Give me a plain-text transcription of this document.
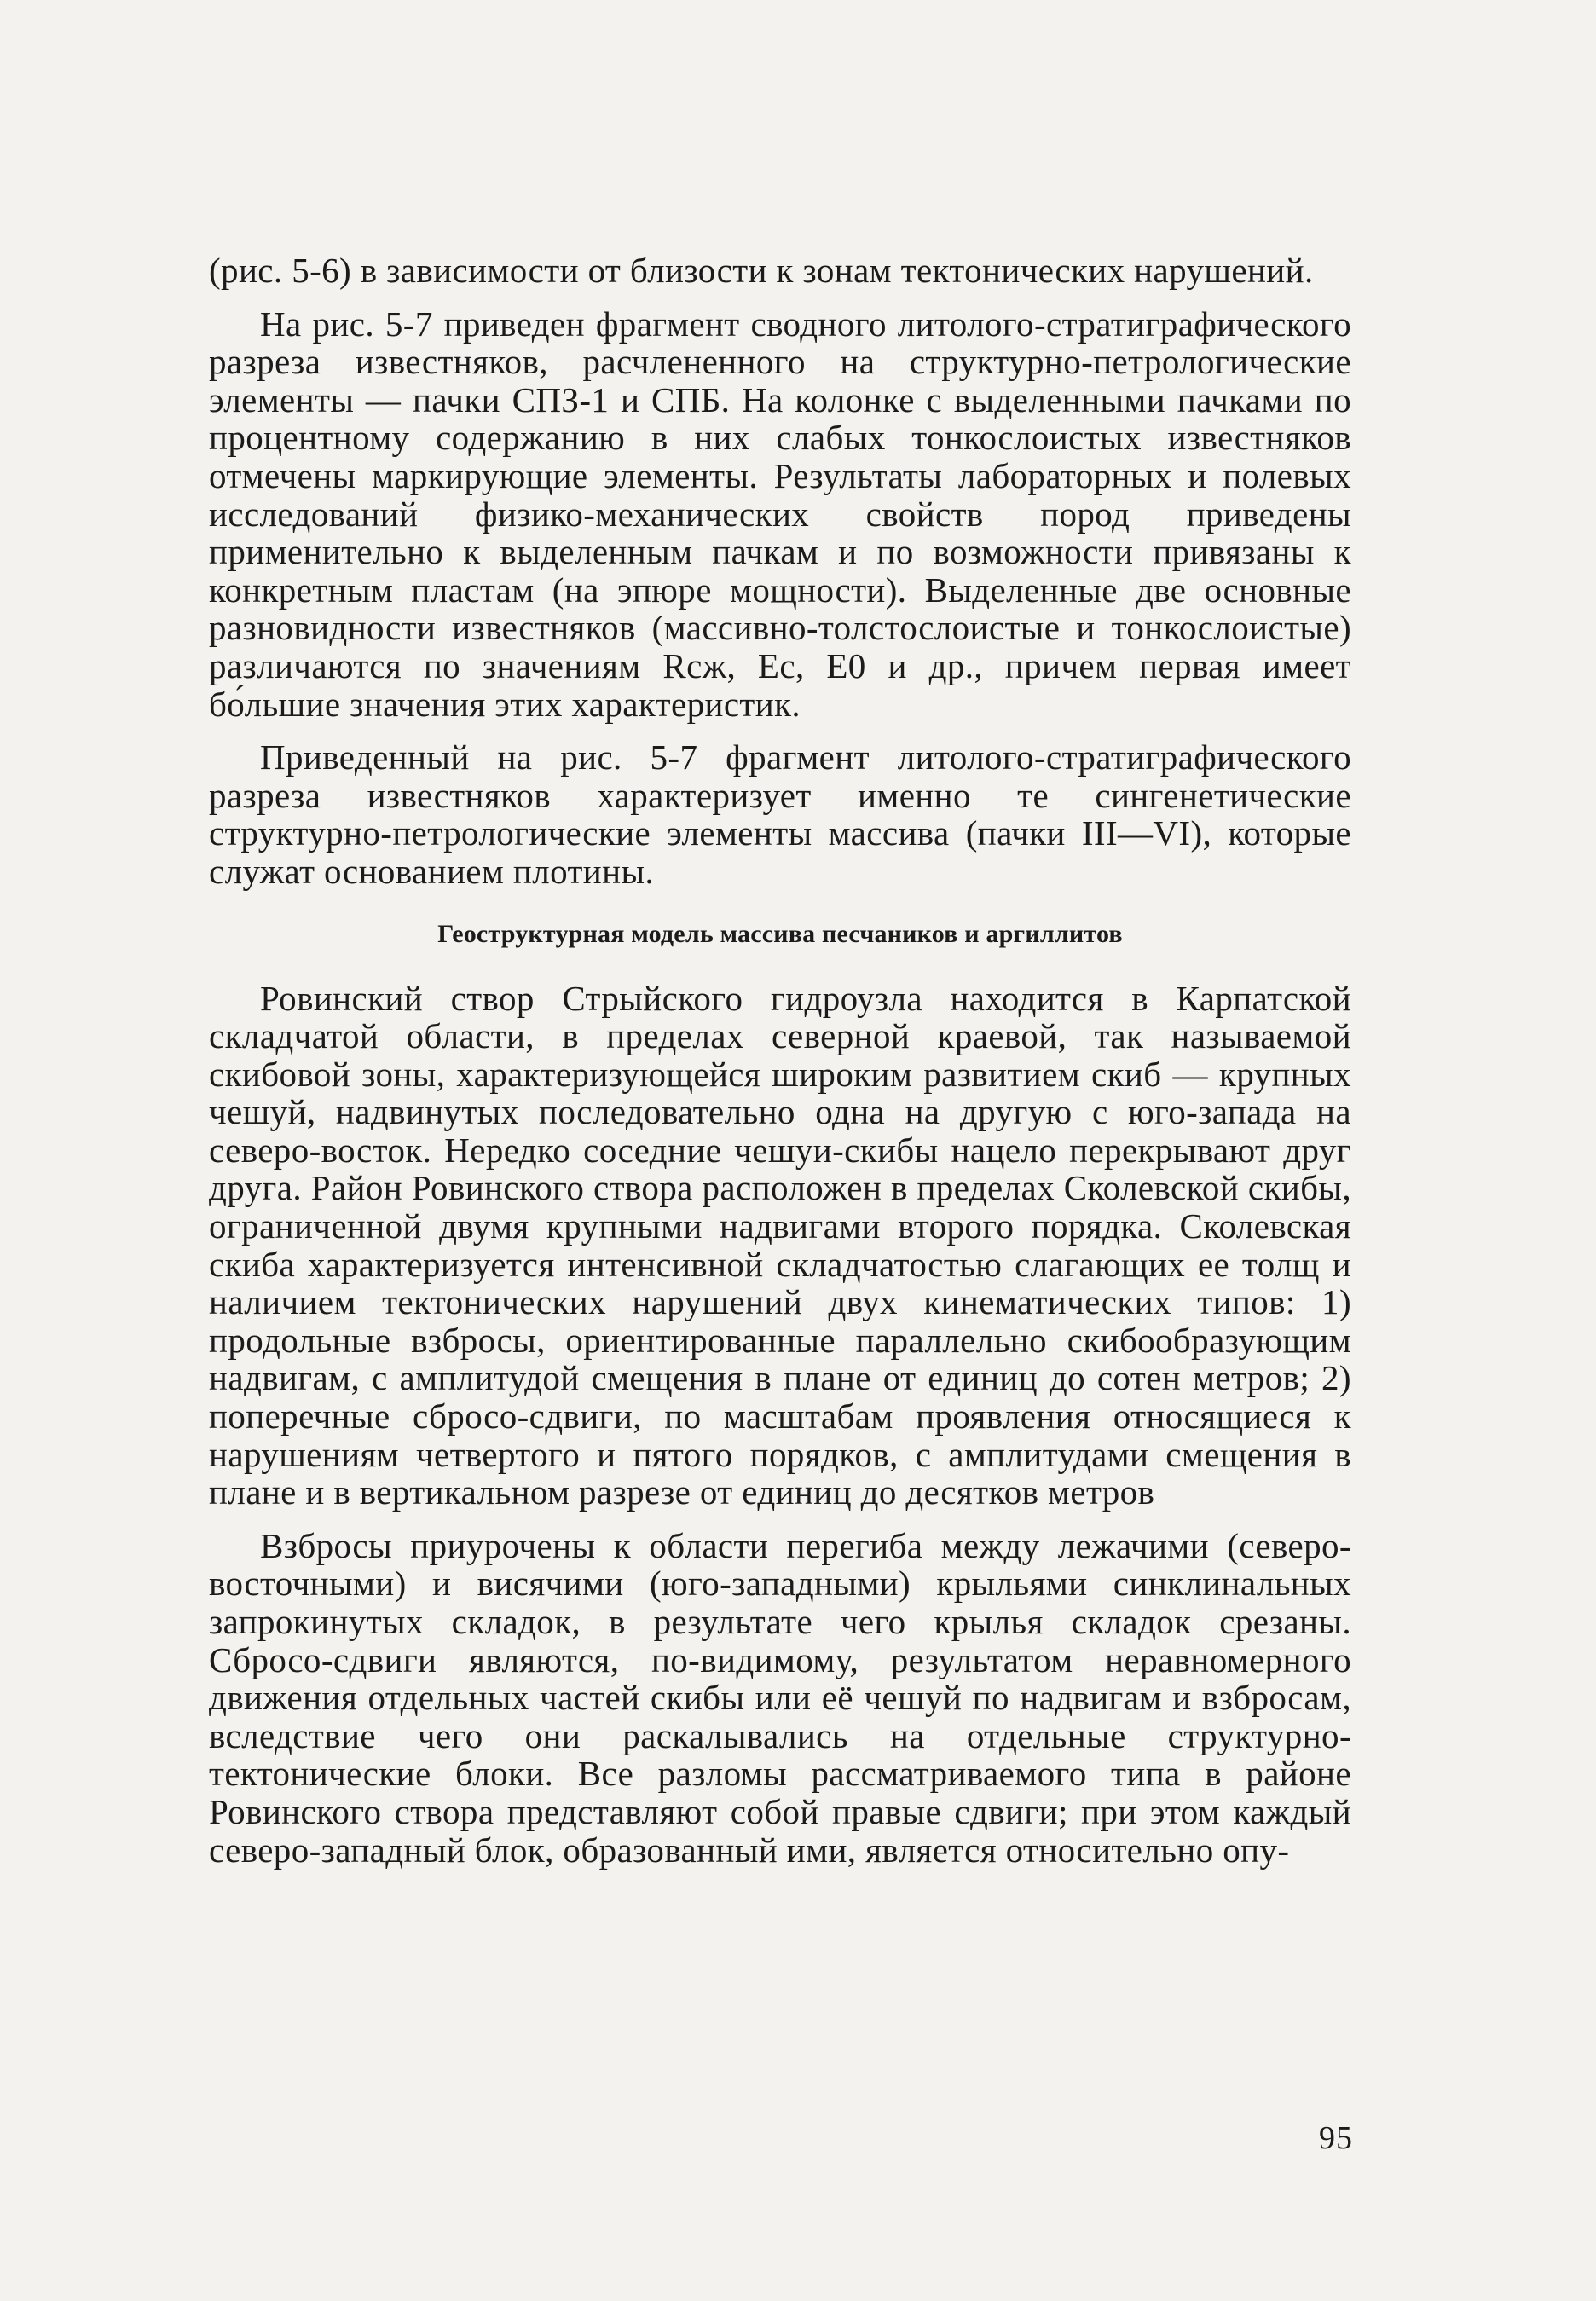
(рис. 5-6) в зависимости от близости к зонам тектонических нарушений.

На рис. 5-7 приведен фрагмент сводного литолого-стратиграфического разреза известняков, расчлененного на структурно-петрологические элементы — пачки СПЗ-1 и СПБ. На колонке с выделенными пачками по процентному содержанию в них слабых тонкослоистых известняков отмечены маркирующие элементы. Результаты лабораторных и полевых исследований физико-механических свойств пород приведены применительно к выделенным пачкам и по возможности привязаны к конкретным пластам (на эпюре мощности). Выделенные две основные разновидности известняков (массивно-толстослоистые и тонкослоистые) различаются по значениям Rсж, Ес, Е0 и др., причем первая имеет бо́льшие значения этих характеристик.

Приведенный на рис. 5-7 фрагмент литолого-стратиграфического разреза известняков характеризует именно те сингенетические структурно-петрологические элементы массива (пачки III—VI), которые служат основанием плотины.

Геоструктурная модель массива песчаников и аргиллитов

Ровинский створ Стрыйского гидроузла находится в Карпатской складчатой области, в пределах северной краевой, так называемой скибовой зоны, характеризующейся широким развитием скиб — крупных чешуй, надвинутых последовательно одна на другую с юго-запада на северо-восток. Нередко соседние чешуи-скибы нацело перекрывают друг друга. Район Ровинского створа расположен в пределах Сколевской скибы, ограниченной двумя крупными надвигами второго порядка. Сколевская скиба характеризуется интенсивной складчатостью слагающих ее толщ и наличием тектонических нарушений двух кинематических типов: 1) продольные взбросы, ориентированные параллельно скибообразующим надвигам, с амплитудой смещения в плане от единиц до сотен метров; 2) поперечные сбросо-сдвиги, по масштабам проявления относящиеся к нарушениям четвертого и пятого порядков, с амплитудами смещения в плане и в вертикальном разрезе от единиц до десятков метров

Взбросы приурочены к области перегиба между лежачими (северо-восточными) и висячими (юго-западными) крыльями синклинальных запрокинутых складок, в результате чего крылья складок срезаны. Сбросо-сдвиги являются, по-видимому, результатом неравномерного движения отдельных частей скибы или её чешуй по надвигам и взбросам, вследствие чего они раскалывались на отдельные структурно-тектонические блоки. Все разломы рассматриваемого типа в районе Ровинского створа представляют собой правые сдвиги; при этом каждый северо-западный блок, образованный ими, является относительно опу-

95
